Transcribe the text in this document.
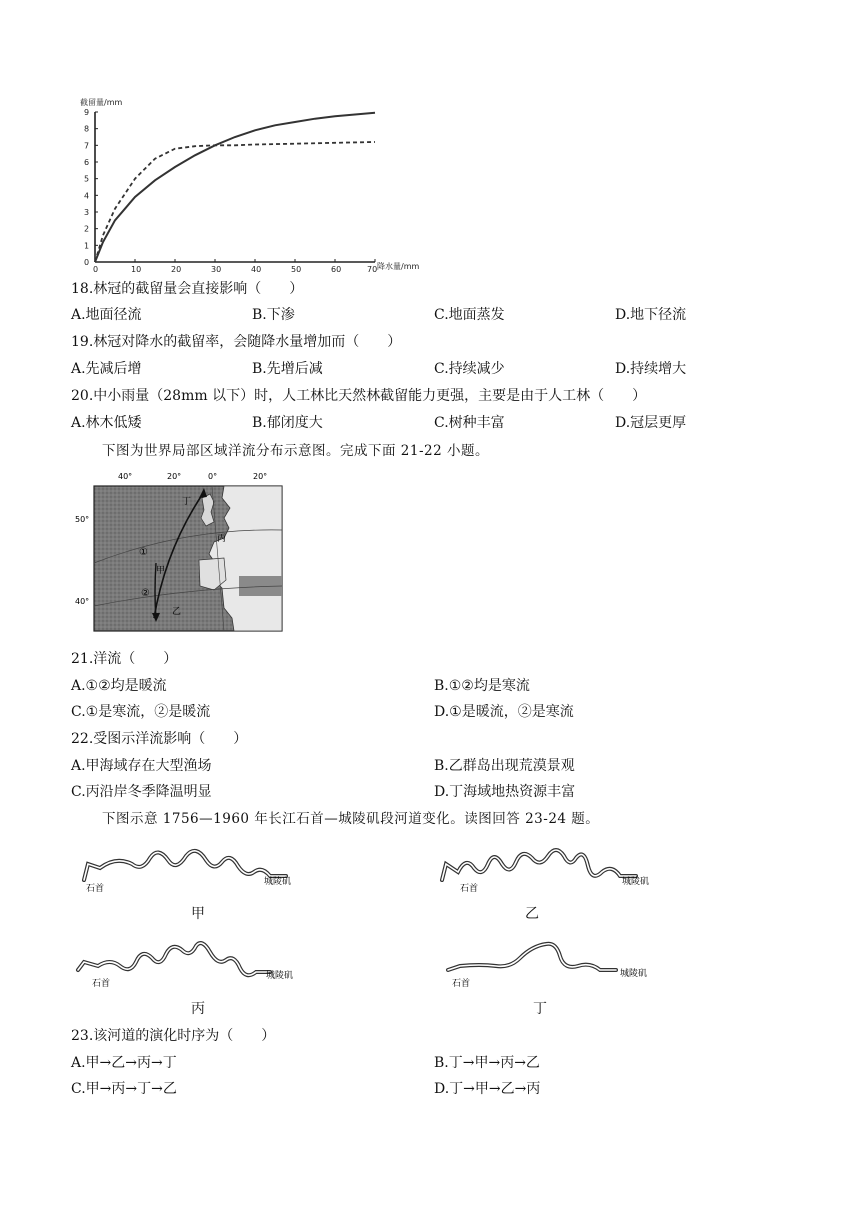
截留量/mm
0
1
2
3
4
5
6
7
8
9
0	10	20	30	40	50	60	70 降水量/mm
18.林冠的截留量会直接影响（　　）
A.地面径流	B.下渗	C.地面蒸发	D.地下径流
19.林冠对降水的截留率，会随降水量增加而（　　）
A.先减后增	B.先增后减	C.持续减少	D.持续增大
20.中小雨量（28mm 以下）时，人工林比天然林截留能力更强，主要是由于人工林（　　）
A.林木低矮	B.郁闭度大	C.树种丰富	D.冠层更厚
下图为世界局部区域洋流分布示意图。完成下面 21-22 小题。
40°	20°	0°	20°
50°
40°
丁
丙
①
甲
②
乙
21.洋流（　　）
A.①②均是暖流	B.①②均是寒流
C.①是寒流，②是暖流	D.①是暖流，②是寒流
22.受图示洋流影响（　　）
A.甲海域存在大型渔场	B.乙群岛出现荒漠景观
C.丙沿岸冬季降温明显	D.丁海域地热资源丰富
下图示意 1756—1960 年长江石首—城陵矶段河道变化。读图回答 23-24 题。
石首
城陵矶
甲
石首
城陵矶
乙
石首
城陵矶
丙
石首
城陵矶
丁
23.该河道的演化时序为（　　）
A.甲→乙→丙→丁	B.丁→甲→丙→乙
C.甲→丙→丁→乙	D.丁→甲→乙→丙
